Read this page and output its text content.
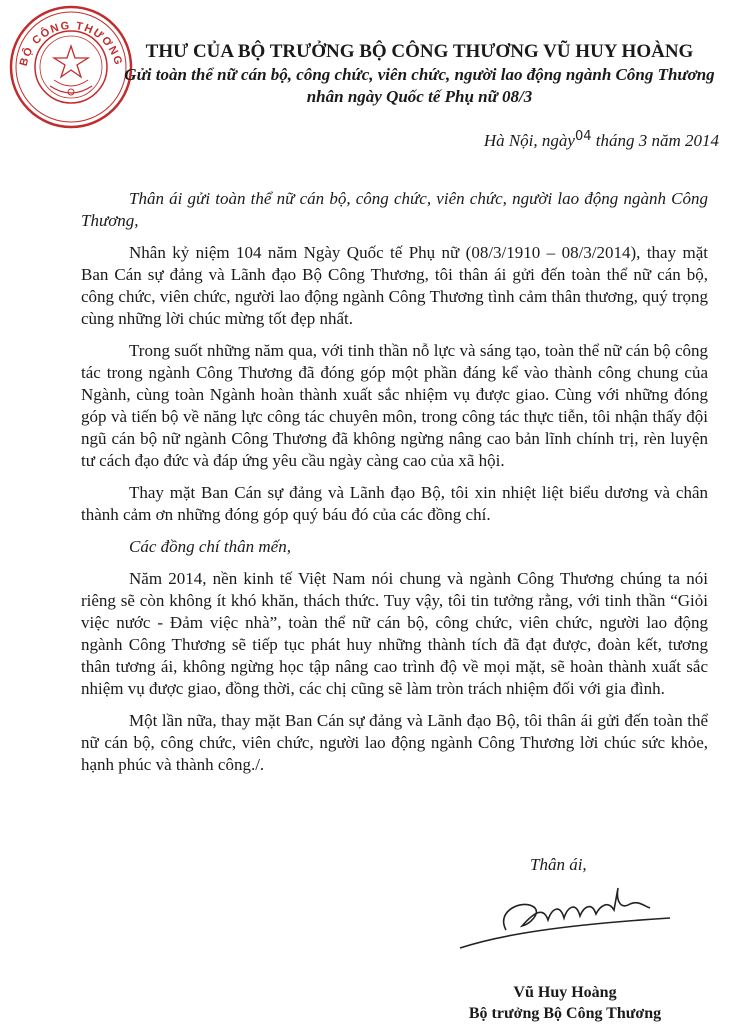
BỘ CÔNG THƯƠNG	THƯ CỦA BỘ TRƯỞNG BỘ CÔNG THƯƠNG VŨ HUY HOÀNG
Gửi toàn thể nữ cán bộ, công chức, viên chức, người lao động ngành Công Thương
nhân ngày Quốc tế Phụ nữ 08/3
Hà Nội, ngày$^{04}$ tháng 3 năm 2014

Thân ái gửi toàn thể nữ cán bộ, công chức, viên chức, người lao động ngành Công Thương,

Nhân kỷ niệm 104 năm Ngày Quốc tế Phụ nữ (08/3/1910 – 08/3/2014), thay mặt Ban Cán sự đảng và Lãnh đạo Bộ Công Thương, tôi thân ái gửi đến toàn thể nữ cán bộ, công chức, viên chức, người lao động ngành Công Thương tình cảm thân thương, quý trọng cùng những lời chúc mừng tốt đẹp nhất.

Trong suốt những năm qua, với tinh thần nỗ lực và sáng tạo, toàn thể nữ cán bộ công tác trong ngành Công Thương đã đóng góp một phần đáng kể vào thành công chung của Ngành, cùng toàn Ngành hoàn thành xuất sắc nhiệm vụ được giao. Cùng với những đóng góp và tiến bộ về năng lực công tác chuyên môn, trong công tác thực tiễn, tôi nhận thấy đội ngũ cán bộ nữ ngành Công Thương đã không ngừng nâng cao bản lĩnh chính trị, rèn luyện tư cách đạo đức và đáp ứng yêu cầu ngày càng cao của xã hội.

Thay mặt Ban Cán sự đảng và Lãnh đạo Bộ, tôi xin nhiệt liệt biểu dương và chân thành cảm ơn những đóng góp quý báu đó của các đồng chí.

Các đồng chí thân mến,

Năm 2014, nền kinh tế Việt Nam nói chung và ngành Công Thương chúng ta nói riêng sẽ còn không ít khó khăn, thách thức. Tuy vậy, tôi tin tưởng rằng, với tinh thần “Giỏi việc nước - Đảm việc nhà”, toàn thể nữ cán bộ, công chức, viên chức, người lao động ngành Công Thương sẽ tiếp tục phát huy những thành tích đã đạt được, đoàn kết, tương thân tương ái, không ngừng học tập nâng cao trình độ về mọi mặt, sẽ hoàn thành xuất sắc nhiệm vụ được giao, đồng thời, các chị cũng sẽ làm tròn trách nhiệm đối với gia đình.

Một lần nữa, thay mặt Ban Cán sự đảng và Lãnh đạo Bộ, tôi thân ái gửi đến toàn thể nữ cán bộ, công chức, viên chức, người lao động ngành Công Thương lời chúc sức khỏe, hạnh phúc và thành công./.

Thân ái,
Vũ Huy Hoàng
Bộ trưởng Bộ Công Thương
